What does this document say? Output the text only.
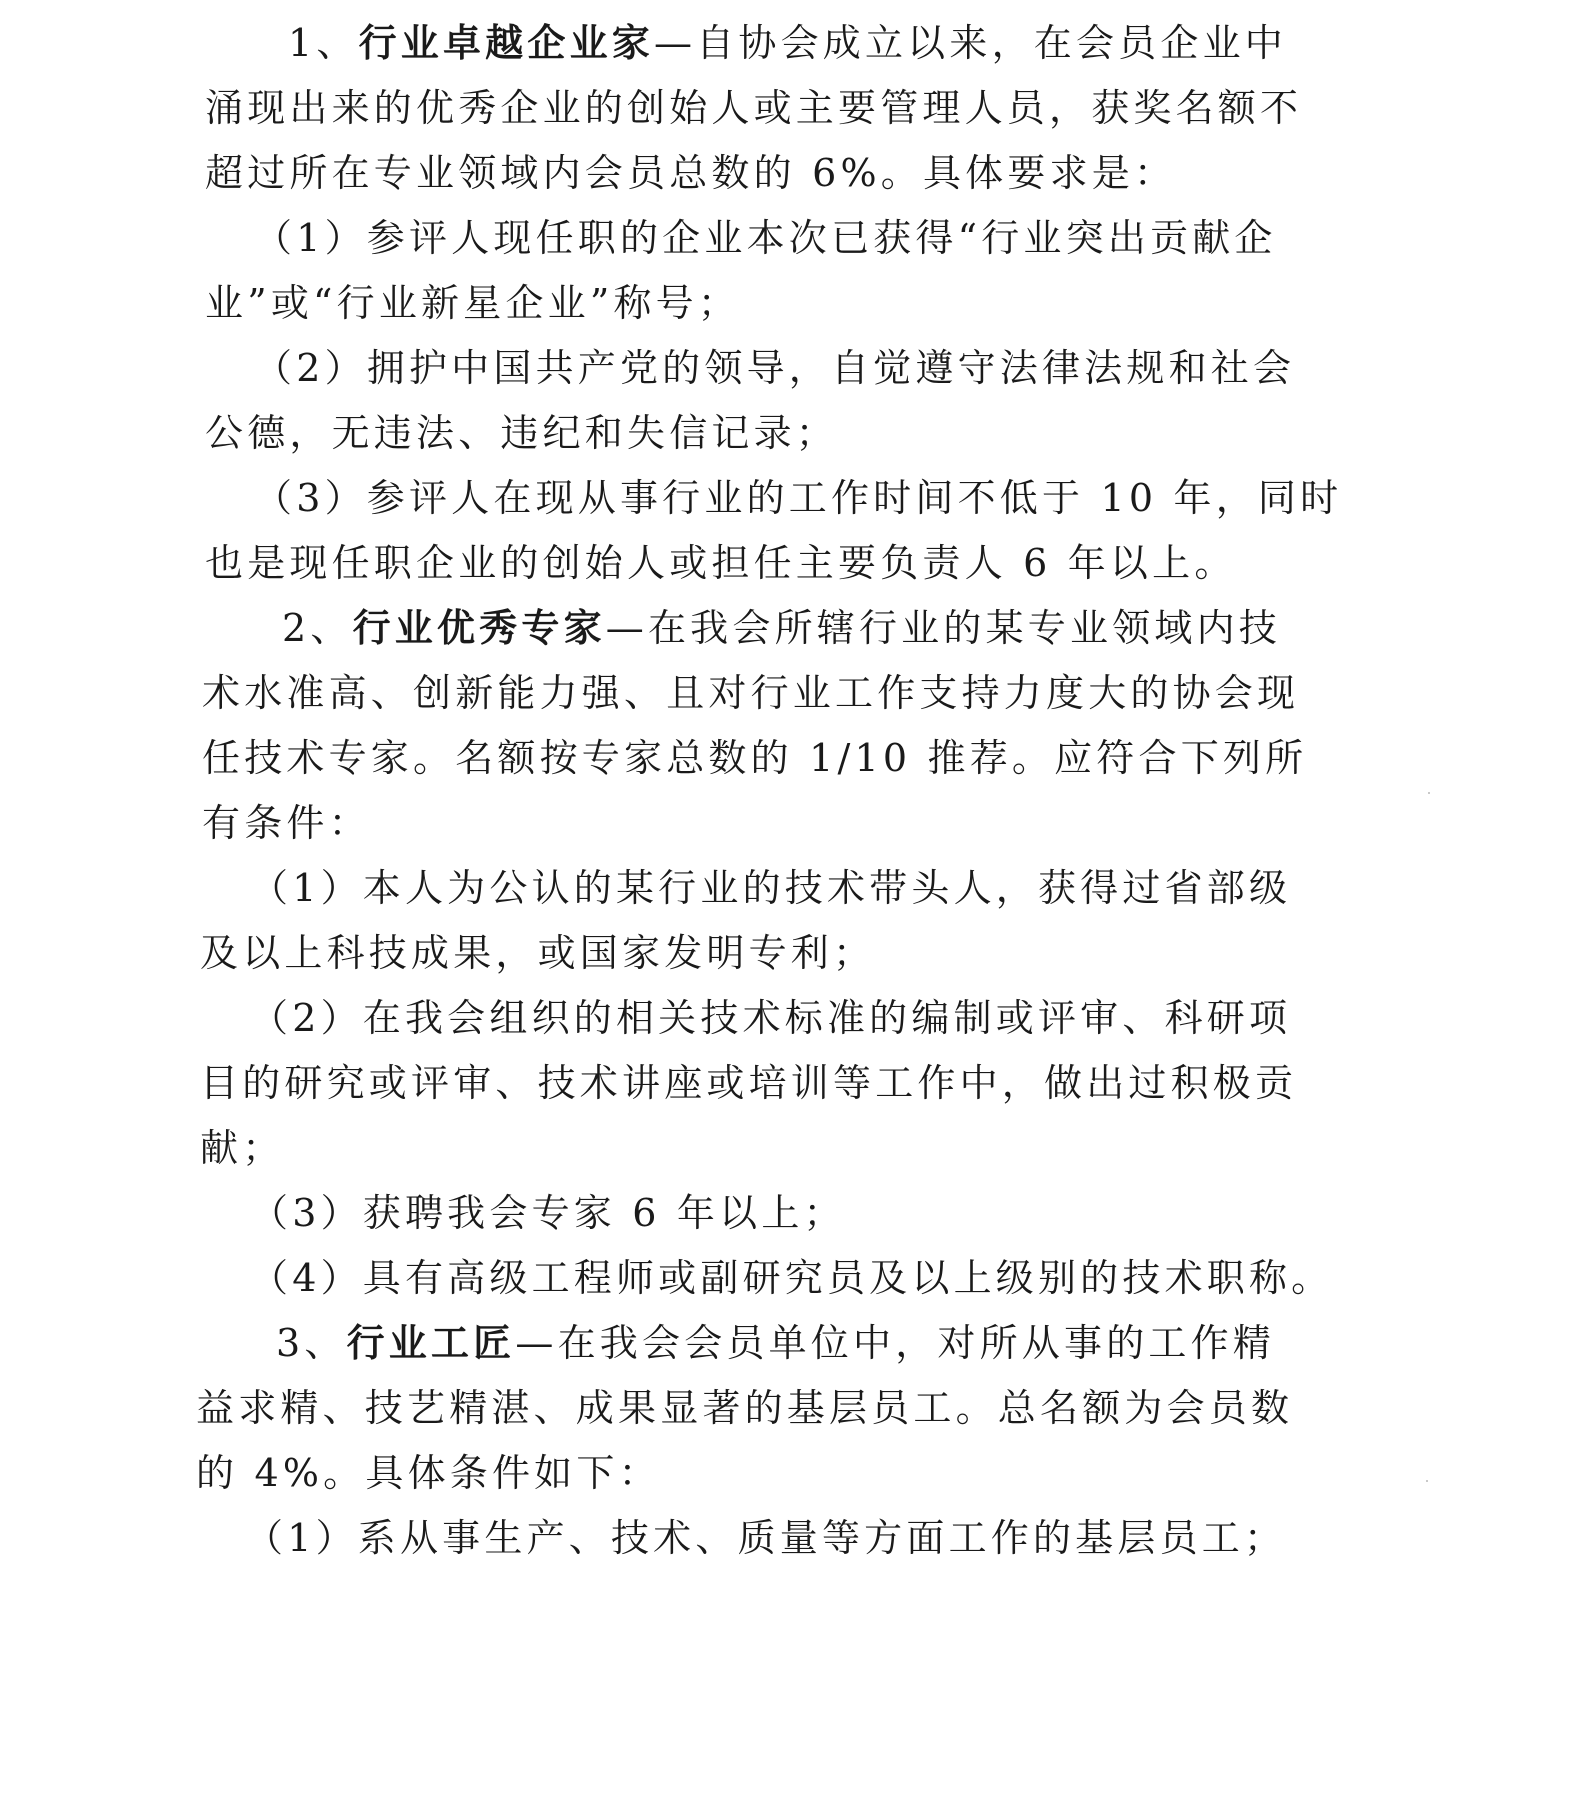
1、行业卓越企业家—自协会成立以来，在会员企业中
涌现出来的优秀企业的创始人或主要管理人员，获奖名额不
超过所在专业领域内会员总数的 6%。具体要求是：
（1）参评人现任职的企业本次已获得“行业突出贡献企
业”或“行业新星企业”称号；
（2）拥护中国共产党的领导，自觉遵守法律法规和社会
公德，无违法、违纪和失信记录；
（3）参评人在现从事行业的工作时间不低于 10 年，同时
也是现任职企业的创始人或担任主要负责人 6 年以上。
2、行业优秀专家—在我会所辖行业的某专业领域内技
术水准高、创新能力强、且对行业工作支持力度大的协会现
任技术专家。名额按专家总数的 1/10 推荐。应符合下列所
有条件：
（1）本人为公认的某行业的技术带头人，获得过省部级
及以上科技成果，或国家发明专利；
（2）在我会组织的相关技术标准的编制或评审、科研项
目的研究或评审、技术讲座或培训等工作中，做出过积极贡
献；
（3）获聘我会专家 6 年以上；
（4）具有高级工程师或副研究员及以上级别的技术职称。
3、行业工匠—在我会会员单位中，对所从事的工作精
益求精、技艺精湛、成果显著的基层员工。总名额为会员数
的 4%。具体条件如下：
（1）系从事生产、技术、质量等方面工作的基层员工；
